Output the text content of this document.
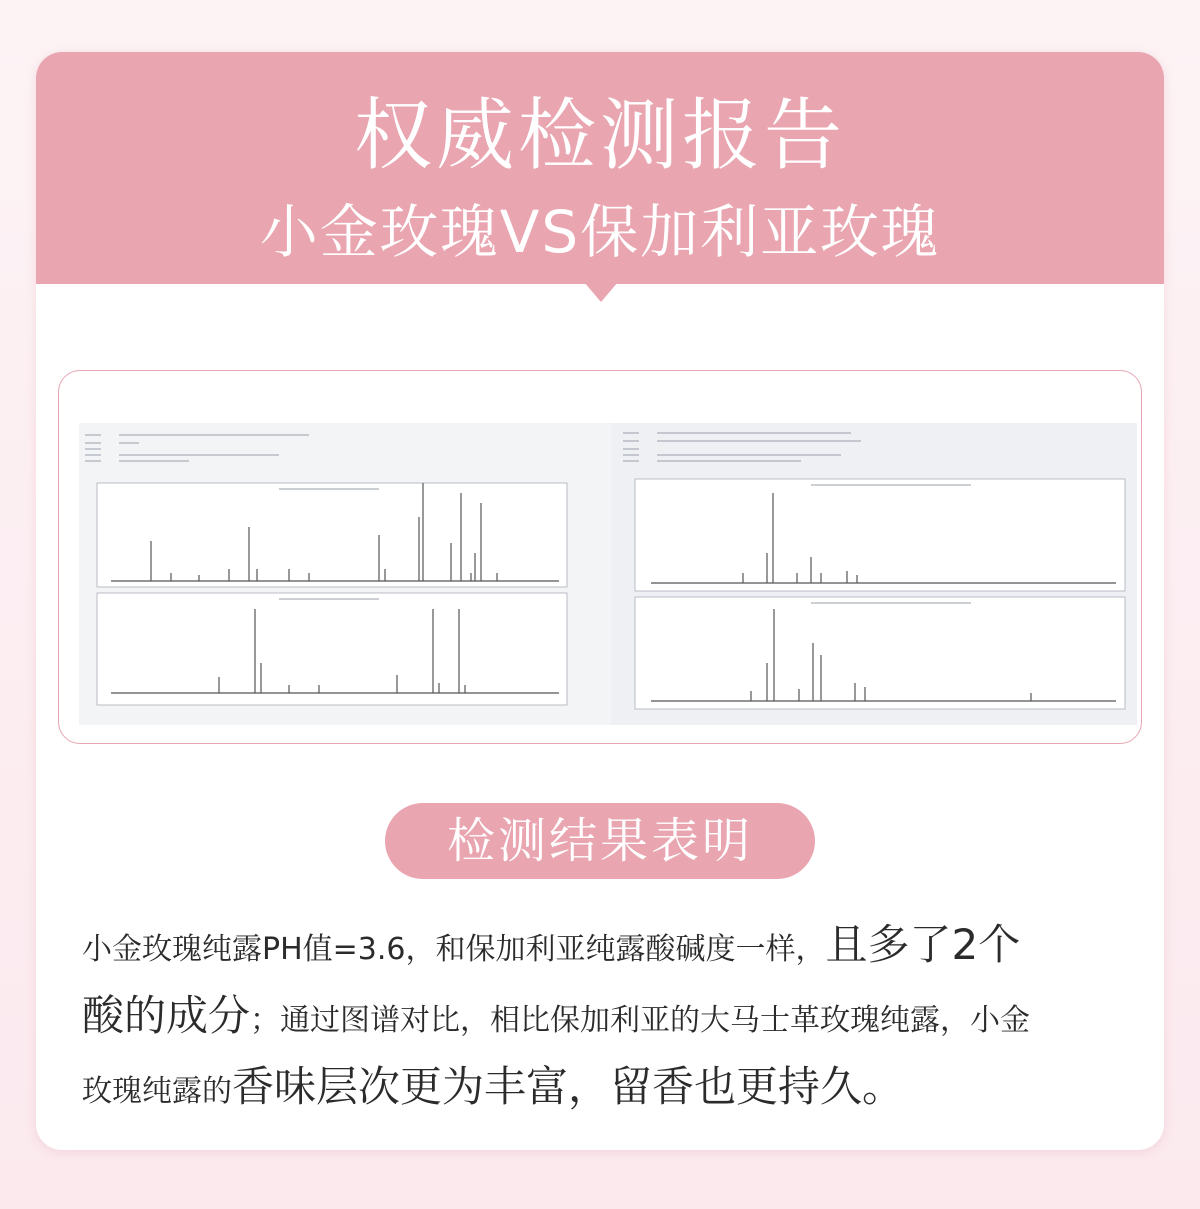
权威检测报告
小金玫瑰VS保加利亚玫瑰
检测结果表明
小金玫瑰纯露PH值=3.6，和保加利亚纯露酸碱度一样，且多了2个
酸的成分；通过图谱对比，相比保加利亚的大马士革玫瑰纯露，小金
玫瑰纯露的香味层次更为丰富，留香也更持久。
